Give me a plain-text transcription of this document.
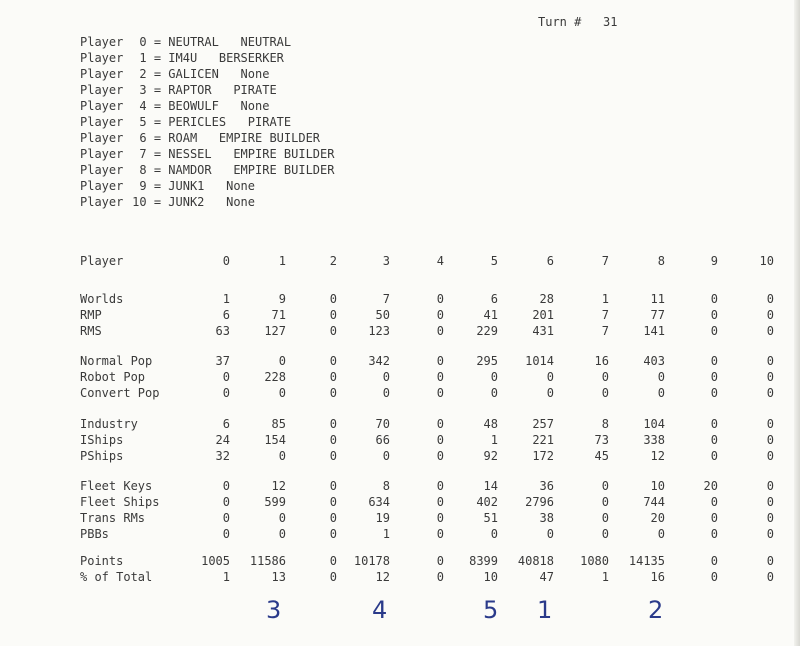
Turn # 31
Player 0 = NEUTRAL NEUTRAL
Player 1 = IM4U BERSERKER
Player 2 = GALICEN None
Player 3 = RAPTOR PIRATE
Player 4 = BEOWULF None
Player 5 = PERICLES PIRATE
Player 6 = ROAM EMPIRE BUILDER
Player 7 = NESSEL EMPIRE BUILDER
Player 8 = NAMDOR EMPIRE BUILDER
Player 9 = JUNK1 None
Player 10 = JUNK2 None
Player	0	1	2	3	4	5	6	7	8	9	10
Worlds	1	9	0	7	0	6	28	1	11	0	0
RMP	6	71	0	50	0	41	201	7	77	0	0
RMS	63	127	0	123	0	229	431	7	141	0	0
Normal Pop	37	0	0	342	0	295	1014	16	403	0	0
Robot Pop	0	228	0	0	0	0	0	0	0	0	0
Convert Pop	0	0	0	0	0	0	0	0	0	0	0
Industry	6	85	0	70	0	48	257	8	104	0	0
IShips	24	154	0	66	0	1	221	73	338	0	0
PShips	32	0	0	0	0	92	172	45	12	0	0
Fleet Keys	0	12	0	8	0	14	36	0	10	20	0
Fleet Ships	0	599	0	634	0	402	2796	0	744	0	0
Trans RMs	0	0	0	19	0	51	38	0	20	0	0
PBBs	0	0	0	1	0	0	0	0	0	0	0
Points	1005	11586	0	10178	0	8399	40818	1080	14135	0	0
% of Total	1	13	0	12	0	10	47	1	16	0	0
3	4	5 1	2
